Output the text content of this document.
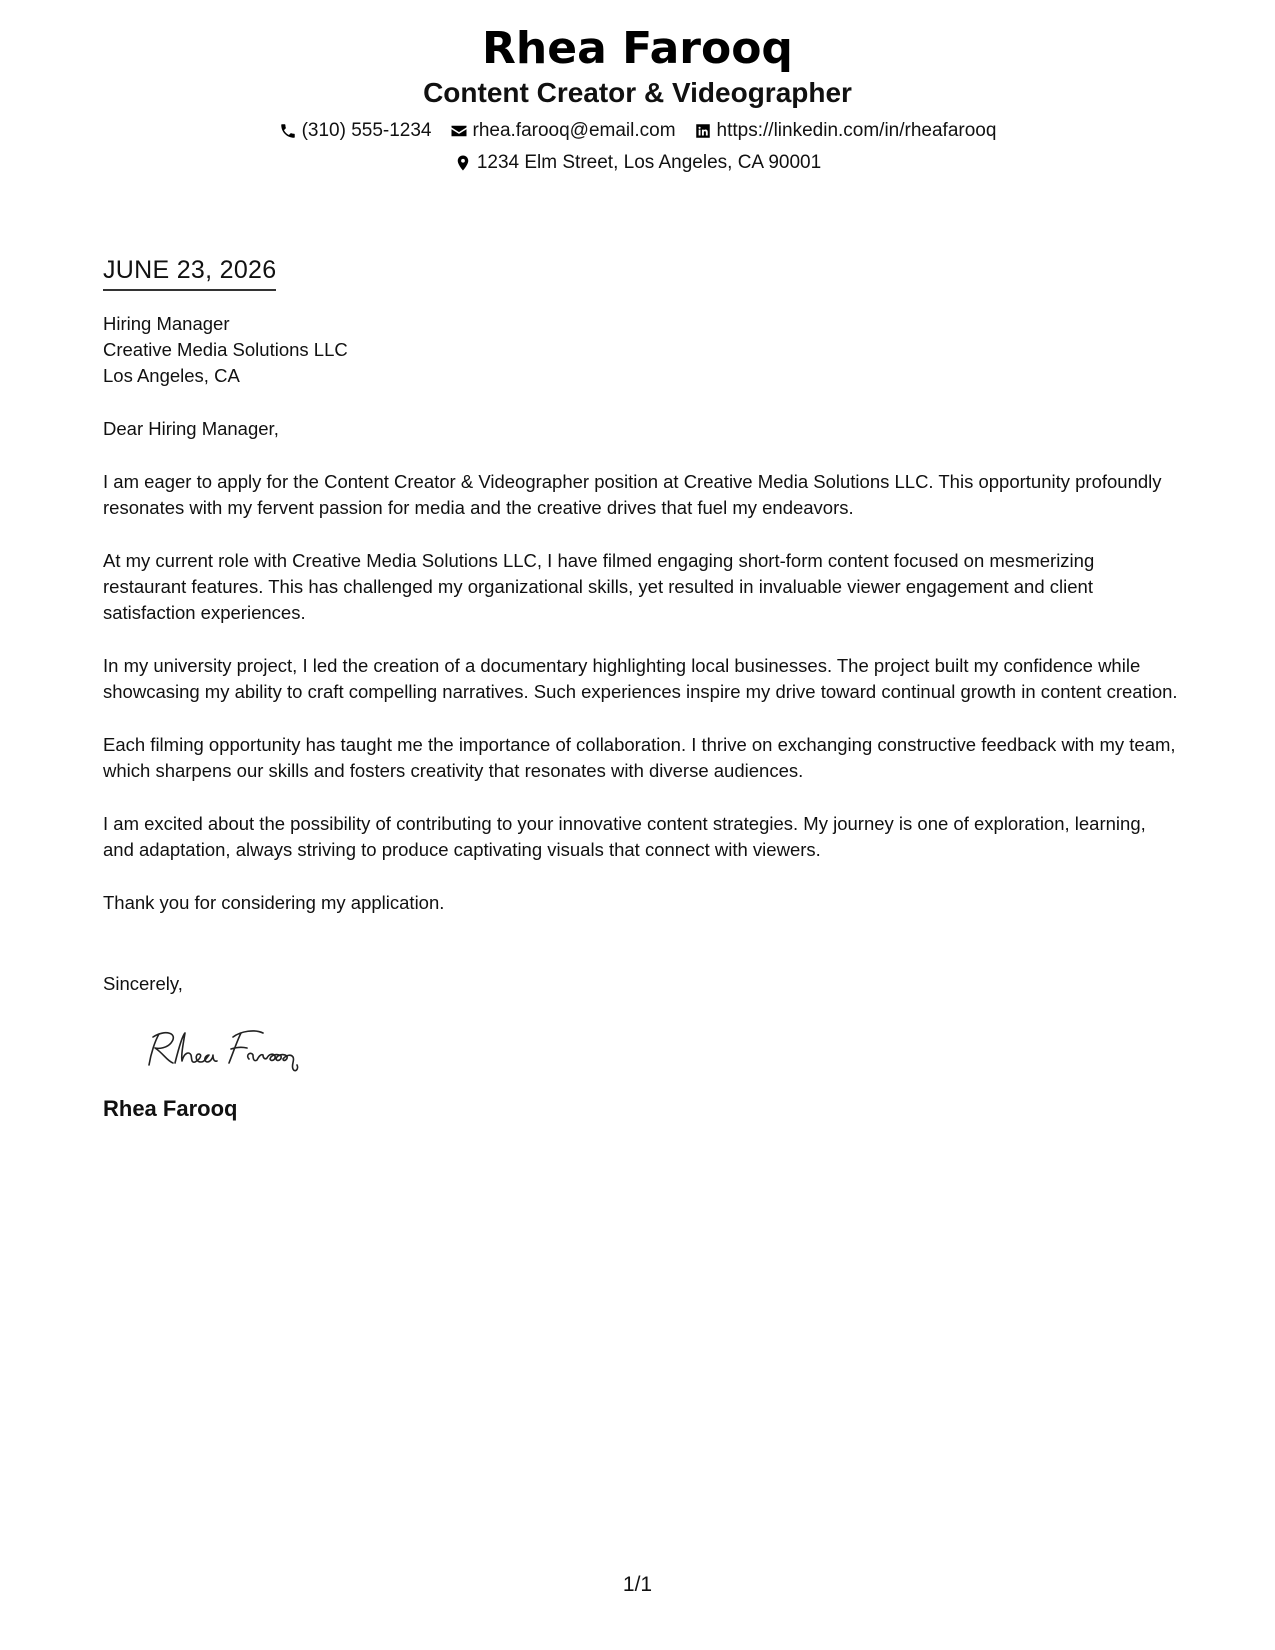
Rhea Farooq
Content Creator & Videographer
(310) 555-1234 rhea.farooq@email.com https://linkedin.com/in/rheafarooq
1234 Elm Street, Los Angeles, CA 90001
JUNE 23, 2026
Hiring Manager
Creative Media Solutions LLC
Los Angeles, CA
Dear Hiring Manager,

I am eager to apply for the Content Creator & Videographer position at Creative Media Solutions LLC. This opportunity profoundly resonates with my fervent passion for media and the creative drives that fuel my endeavors.

At my current role with Creative Media Solutions LLC, I have filmed engaging short-form content focused on mesmerizing restaurant features. This has challenged my organizational skills, yet resulted in invaluable viewer engagement and client satisfaction experiences.

In my university project, I led the creation of a documentary highlighting local businesses. The project built my confidence while showcasing my ability to craft compelling narratives. Such experiences inspire my drive toward continual growth in content creation.

Each filming opportunity has taught me the importance of collaboration. I thrive on exchanging constructive feedback with my team, which sharpens our skills and fosters creativity that resonates with diverse audiences.

I am excited about the possibility of contributing to your innovative content strategies. My journey is one of exploration, learning, and adaptation, always striving to produce captivating visuals that connect with viewers.

Thank you for considering my application.

Sincerely,
Rhea Farooq
1/1
